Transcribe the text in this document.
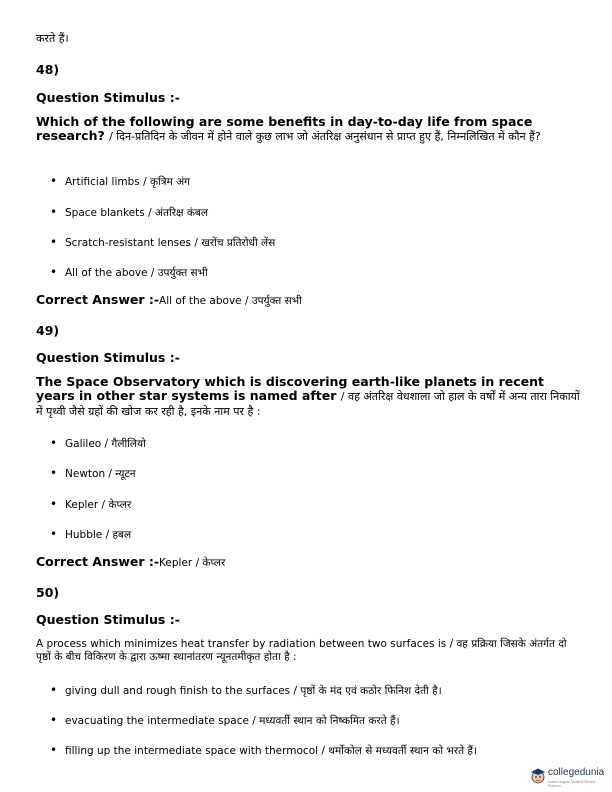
करते हैं।
48)
Question Stimulus :-
Which of the following are some benefits in day-to-day life from space research? / दिन-प्रतिदिन के जीवन में होने वाले कुछ लाभ जो अंतरिक्ष अनुसंधान से प्राप्त हुए हैं, निम्नलिखित में कौन हैं?
• Artificial limbs / कृत्रिम अंग
• Space blankets / अंतरिक्ष कंबल
• Scratch-resistant lenses / खरोंच प्रतिरोधी लेंस
• All of the above / उपर्युक्त सभी
Correct Answer :-All of the above / उपर्युक्त सभी
49)
Question Stimulus :-
The Space Observatory which is discovering earth-like planets in recent years in other star systems is named after / वह अंतरिक्ष वेधशाला जो हाल के वर्षों में अन्य तारा निकायों में पृथ्वी जैसे ग्रहों की खोज कर रही है, इनके नाम पर है :
• Galileo / गैलीलियो
• Newton / न्यूटन
• Kepler / केप्लर
• Hubble / हबल
Correct Answer :-Kepler / केप्लर
50)
Question Stimulus :-
A process which minimizes heat transfer by radiation between two surfaces is / वह प्रक्रिया जिसके अंतर्गत दो पृष्ठों के बीच विकिरण के द्वारा ऊष्मा स्थानांतरण न्यूनतमीकृत होता है :
• giving dull and rough finish to the surfaces / पृष्ठों के मंद एवं कठोर फिनिश देती है।
• evacuating the intermediate space / मध्यवर्ती स्थान को निष्कमित करते हैं।
• filling up the intermediate space with thermocol / थर्मोकोल से मध्यवर्ती स्थान को भरते हैं।
collegedunia
India's largest Student Review Platform
